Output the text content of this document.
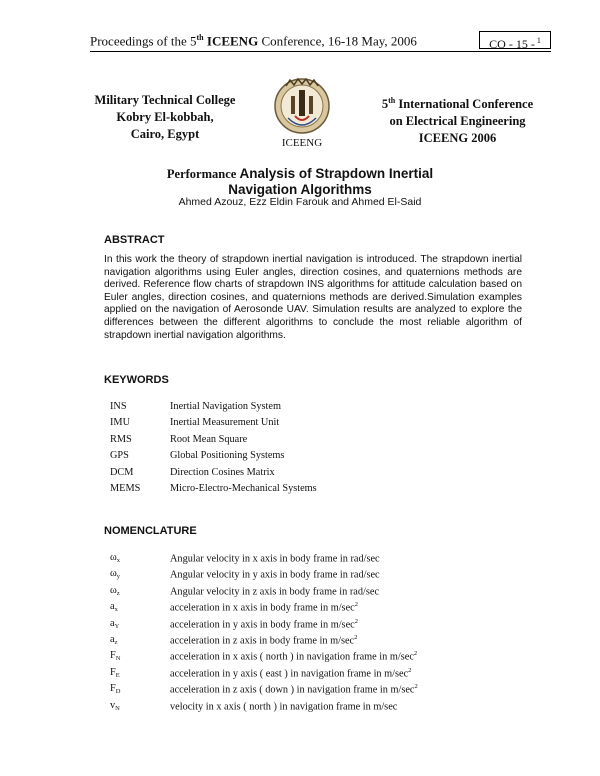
Proceedings of the 5th ICEENG Conference, 16-18 May, 2006	CO - 15 - $^1$
Military Technical College
Kobry El-kobbah,
Cairo, Egypt
ICEENG
5th International Conference
on Electrical Engineering
ICEENG 2006
Performance Analysis of Strapdown Inertial
Navigation Algorithms
Ahmed Azouz, Ezz Eldin Farouk and Ahmed El-Said
ABSTRACT
In this work the theory of strapdown inertial navigation is introduced. The strapdown inertial navigation algorithms using Euler angles, direction cosines, and quaternions methods are derived. Reference flow charts of strapdown INS algorithms for attitude calculation based on Euler angles, direction cosines, and quaternions methods are derived.Simulation examples applied on the navigation of Aerosonde UAV. Simulation results are analyzed to explore the differences between the different algorithms to conclude the most reliable algorithm of strapdown inertial navigation algorithms.
KEYWORDS
INS	Inertial Navigation System
IMU	Inertial Measurement Unit
RMS	Root Mean Square
GPS	Global Positioning Systems
DCM	Direction Cosines Matrix
MEMS	Micro-Electro-Mechanical Systems
NOMENCLATURE
ωx	Angular velocity in x axis in body frame in rad/sec
ωy	Angular velocity in y axis in body frame in rad/sec
ωz	Angular velocity in z axis in body frame in rad/sec
ax	acceleration in x axis in body frame in $m/\sec^2$
aY	acceleration in y axis in body frame in $m/\sec^2$
az	acceleration in z axis in body frame in $m/\sec^2$
FN	acceleration in x axis ( north ) in navigation frame in $m/\sec^2$
FE	acceleration in y axis ( east ) in navigation frame in $m/\sec^2$
FD	acceleration in z axis ( down ) in navigation frame in $m/\sec^2$
vN	velocity in x axis ( north ) in navigation frame in m/sec
